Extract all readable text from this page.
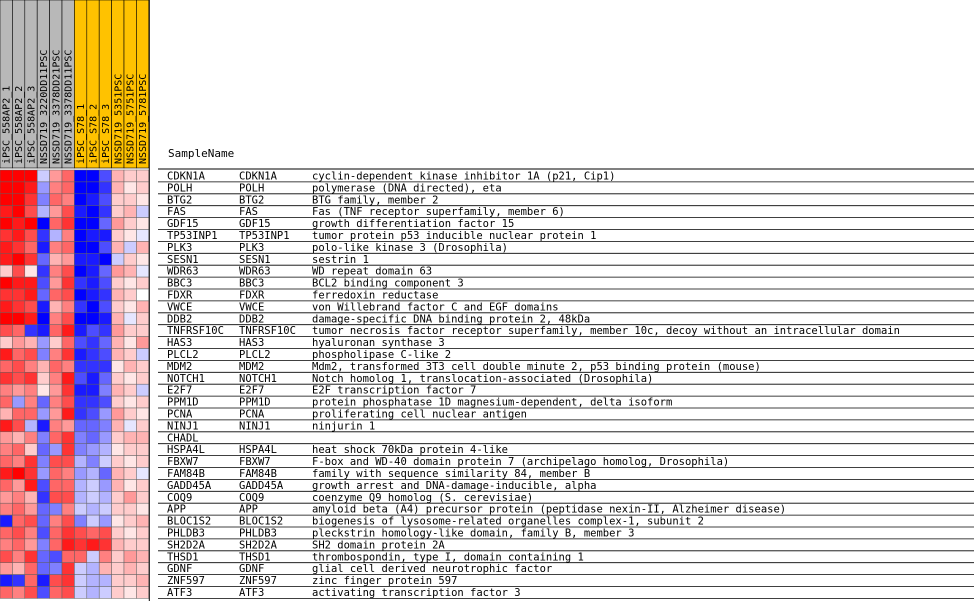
iPSC_558AP2_1 iPSC_558AP2_2 iPSC_558AP2_3 NSSD719_3220DD11PSC NSSD719_3378DD21PSC NSSD719_3378DD11PSC iPSC_S78_1 iPSC_S78_2 iPSC_S78_3 NSSD719_5351PSC NSSD719_5751PSC NSSD719_5781PSC SampleName
CDKN1A
POLH
BTG2
FAS
GDF15
TP53INP1
PLK3
SESN1
WDR63
BBC3
FDXR
VWCE
DDB2
TNFRSF10C
HAS3
PLCL2
MDM2
NOTCH1
E2F7
PPM1D
PCNA
NINJ1
CHADL
HSPA4L
FBXW7
FAM84B
GADD45A
COQ9
APP
BLOC1S2
PHLDB3
SH2D2A
THSD1
GDNF
ZNF597
ATF3
CDKN1A
POLH
BTG2
FAS
GDF15
TP53INP1
PLK3
SESN1
WDR63
BBC3
FDXR
VWCE
DDB2
TNFRSF10C
HAS3
PLCL2
MDM2
NOTCH1
E2F7
PPM1D
PCNA
NINJ1
HSPA4L
FBXW7
FAM84B
GADD45A
COQ9
APP
BLOC1S2
PHLDB3
SH2D2A
THSD1
GDNF
ZNF597
ATF3
cyclin-dependent kinase inhibitor 1A (p21, Cip1)
polymerase (DNA directed), eta
BTG family, member 2
Fas (TNF receptor superfamily, member 6)
growth differentiation factor 15
tumor protein p53 inducible nuclear protein 1
polo-like kinase 3 (Drosophila)
sestrin 1
WD repeat domain 63
BCL2 binding component 3
ferredoxin reductase
von Willebrand factor C and EGF domains
damage-specific DNA binding protein 2, 48kDa
tumor necrosis factor receptor superfamily, member 10c, decoy without an intracellular domain
hyaluronan synthase 3
phospholipase C-like 2
Mdm2, transformed 3T3 cell double minute 2, p53 binding protein (mouse)
Notch homolog 1, translocation-associated (Drosophila)
E2F transcription factor 7
protein phosphatase 1D magnesium-dependent, delta isoform
proliferating cell nuclear antigen
ninjurin 1
heat shock 70kDa protein 4-like
F-box and WD-40 domain protein 7 (archipelago homolog, Drosophila)
family with sequence similarity 84, member B
growth arrest and DNA-damage-inducible, alpha
coenzyme Q9 homolog (S. cerevisiae)
amyloid beta (A4) precursor protein (peptidase nexin-II, Alzheimer disease)
biogenesis of lysosome-related organelles complex-1, subunit 2
pleckstrin homology-like domain, family B, member 3
SH2 domain protein 2A
thrombospondin, type I, domain containing 1
glial cell derived neurotrophic factor
zinc finger protein 597
activating transcription factor 3
